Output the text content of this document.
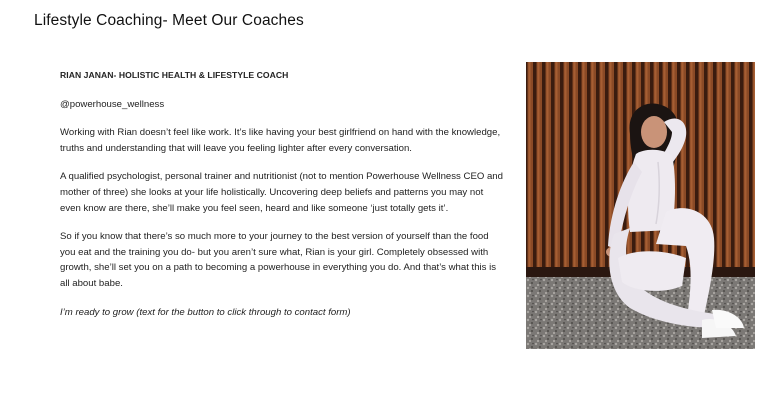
Lifestyle Coaching- Meet Our Coaches

RIAN JANAN- HOLISTIC HEALTH & LIFESTYLE COACH

@powerhouse_wellness

Working with Rian doesn’t feel like work. It’s like having your best girlfriend on hand with the knowledge, truths and understanding that will leave you feeling lighter after every conversation.

A qualified psychologist, personal trainer and nutritionist (not to mention Powerhouse Wellness CEO and mother of three) she looks at your life holistically. Uncovering deep beliefs and patterns you may not even know are there, she’ll make you feel seen, heard and like someone ‘just totally gets it’.

So if you know that there’s so much more to your journey to the best version of yourself than the food you eat and the training you do- but you aren’t sure what, Rian is your girl. Completely obsessed with growth, she’ll set you on a path to becoming a powerhouse in everything you do. And that’s what this is all about babe.

I’m ready to grow (text for the button to click through to contact form)
